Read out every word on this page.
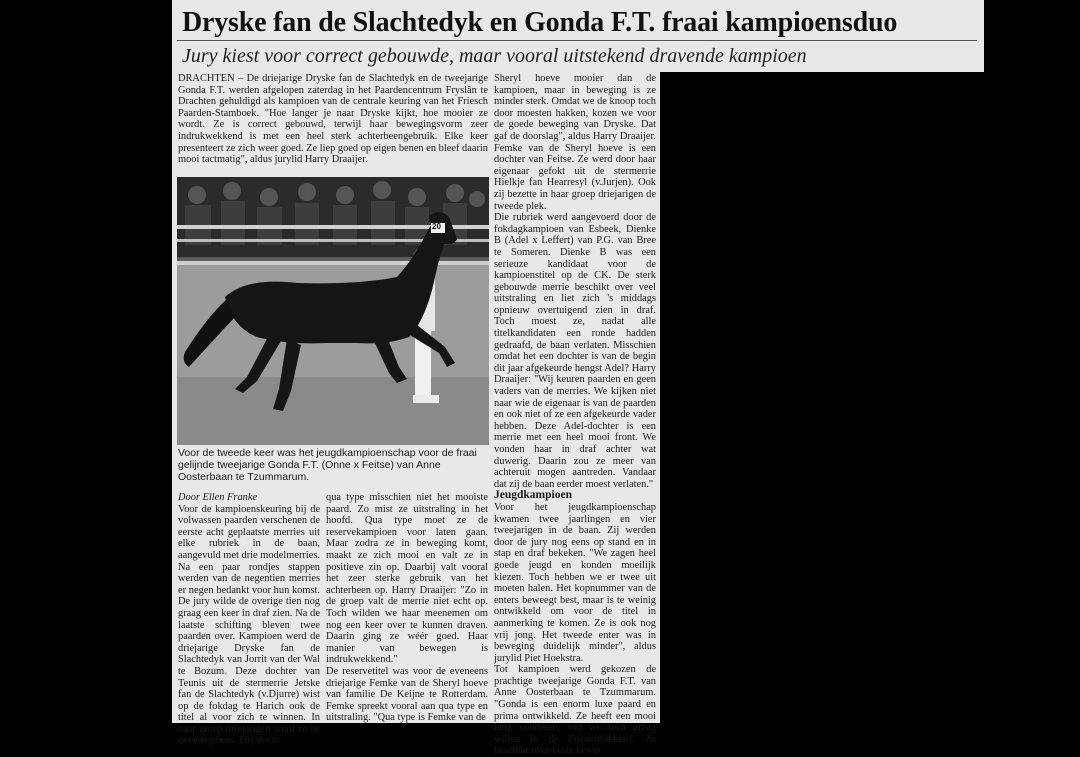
Dryske fan de Slachtedyk en Gonda F.T. fraai kampioensduo
Jury kiest voor correct gebouwde, maar vooral uitstekend dravende kampioen

DRACHTEN – De driejarige Dryske fan de Slachtedyk en de tweejarige Gonda F.T. werden afgelopen zaterdag in het Paardencentrum Fryslân te Drachten gehuldigd als kampioen van de centrale keuring van het Friesch Paarden-Stamboek. "Hoe langer je naar Dryske kijkt, hoe mooier ze wordt. Ze is correct gebouwd, terwijl haar bewegingsvorm zeer indrukwekkend is met een heel sterk achterbeengebruik. Elke keer presenteert ze zich weer goed. Ze liep goed op eigen benen en bleef daarin mooi tactmatig", aldus jurylid Harry Draaijer.

20
Voor de tweede keer was het jeugdkampioenschap voor de fraai gelijnde tweejarige Gonda F.T. (Onne x Feitse) van Anne Oosterbaan te Tzummarum.

Door Ellen Franke

Voor de kampioenskeuring bij de volwassen paarden verschenen de eerste acht geplaatste merries uit elke rubriek in de baan, aangevuld met drie modelmerries. Na een paar rondjes stappen werden van de negentien merries er negen bedankt voor hun komst. De jury wilde de overige tien nog graag een keer in draf zien. Na de laatste schifting bleven twee paarden over. Kampioen werd de driejarige Dryske fan de Slachtedyk van Jorrit van der Wal te Bozum. Deze dochter van Teunis uit de stermerrie Jetske fan de Slachtedyk (v.Djurre) wist op de fokdag te Harich ook de titel al voor zich te winnen. In haar groep driejarigen werd ze de tweede plaats. Dryske is

qua type misschien niet het mooiste paard. Zo mist ze uitstraling in het hoofd. Qua type moet ze de reservekampioen voor laten gaan. Maar zodra ze in beweging komt, maakt ze zich mooi en valt ze in positieve zin op. Daarbij valt vooral het zeer sterke gebruik van het achterbeen op. Harry Draaijer: "Zo in de groep valt de merrie niet echt op. Toch wilden we haar meenemen om nog een keer over te kunnen draven. Daarin ging ze wéér goed. Haar manier van bewegen is indrukwekkend."

De reservetitel was voor de eveneens driejarige Femke van de Sheryl hoeve van familie De Keijne te Rotterdam. Femke spreekt vooral aan qua type en uitstraling. "Qua type is Femke van de

Sheryl hoeve mooier dan de kampioen, maar in beweging is ze minder sterk. Omdat we de knoop toch door moesten hakken, kozen we voor de goede beweging van Dryske. Dat gaf de doorslag", aldus Harry Draaijer. Femke van de Sheryl hoeve is een dochter van Feitse. Ze werd door haar eigenaar gefokt uit de stermerrie Hielkje fan Hearresyl (v.Jurjen). Ook zij bezette in haar groep driejarigen de tweede plek.

Die rubriek werd aangevoerd door de fokdagkampioen van Esbeek, Dienke B (Adel x Leffert) van P.G. van Bree te Someren. Dienke B was een serieuze kandidaat voor de kampioenstitel op de CK. De sterk gebouwde merrie beschikt over veel uitstraling en liet zich 's middags opnieuw overtuigend zien in draf. Toch moest ze, nadat alle titelkandidaten een ronde hadden gedraafd, de baan verlaten. Misschien omdat het een dochter is van de begin dit jaar afgekeurde hengst Adel? Harry Draaijer: "Wij keuren paarden en geen vaders van de merries. We kijken niet naar wie de eigenaar is van de paarden en ook niet of ze een afgekeurde vader hebben. Deze Adel-dochter is een merrie met een heel mooi front. We vonden haar in draf achter wat duwerig. Daarin zou ze meer van achteruit mogen aantreden. Vandaar dat zij de baan eerder moest verlaten."

Jeugdkampioen

Voor het jeugdkampioenschap kwamen twee jaarlingen en vier tweejarigen in de baan. Zij werden door de jury nog eens op stand en in stap en draf bekeken. "We zagen heel goede jeugd en konden moeilijk kiezen. Toch hebben we er twee uit moeten halen. Het kopnummer van de enters beweegt best, maar is te weinig ontwikkeld om voor de titel in aanmerking te komen. Ze is ook nog vrij jong. Het tweede enter was in beweging duidelijk minder", aldus jurylid Piet Hoekstra.

Tot kampioen werd gekozen de prachtige tweejarige Gonda F.T. van Anne Oosterbaan te Tzummarum. "Gonda is een enorm luxe paard en prima ontwikkeld. Ze heeft een mooi lang voorbeen, wat we toch graag willen in de Friezenfokkerij. Ze beschikt over beste bewe-
